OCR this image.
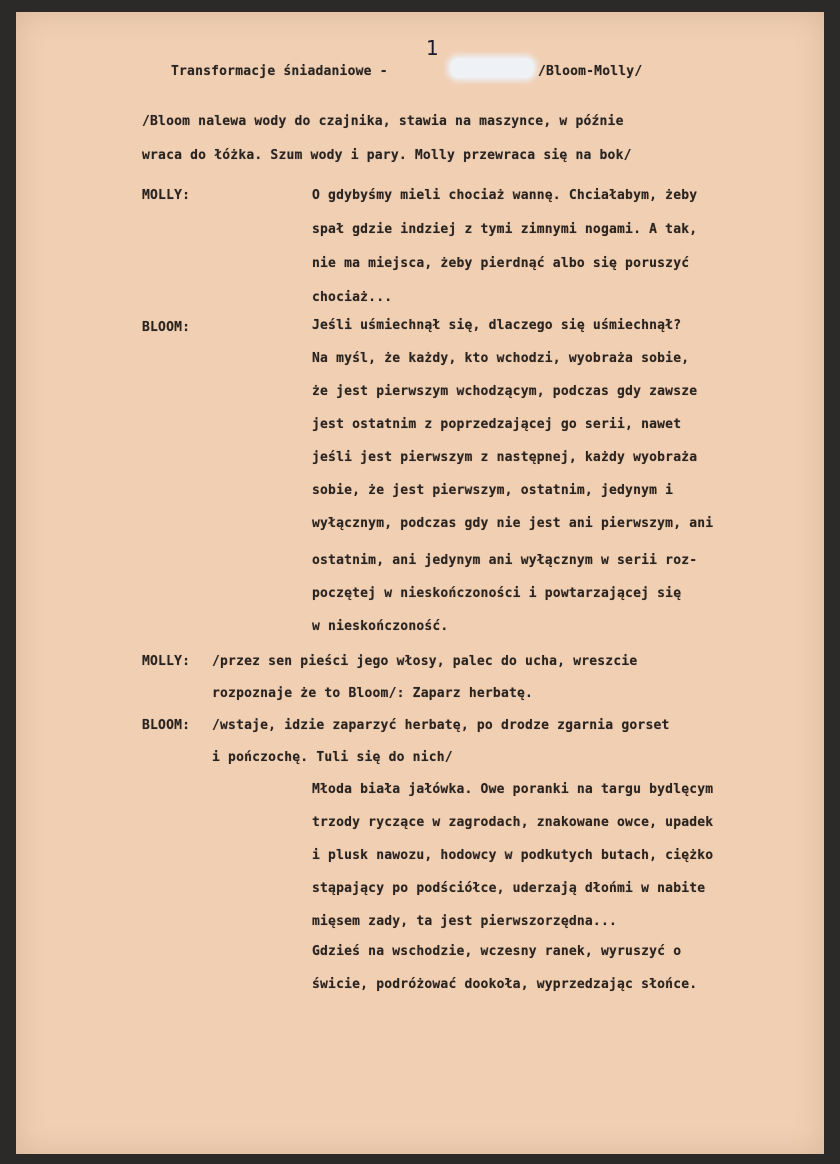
1
Transformacje śniadaniowe -	/Bloom-Molly/
/Bloom nalewa wody do czajnika, stawia na maszynce, w późnie
wraca do łóżka. Szum wody i pary. Molly przewraca się na bok/
MOLLY:	O gdybyśmy mieli chociaż wannę. Chciałabym, żeby
spał gdzie indziej z tymi zimnymi nogami. A tak,
nie ma miejsca, żeby pierdnąć albo się poruszyć
chociaż...
BLOOM:	Jeśli uśmiechnął się, dlaczego się uśmiechnął?
Na myśl, że każdy, kto wchodzi, wyobraża sobie,
że jest pierwszym wchodzącym, podczas gdy zawsze
jest ostatnim z poprzedzającej go serii, nawet
jeśli jest pierwszym z następnej, każdy wyobraża
sobie, że jest pierwszym, ostatnim, jedynym i
wyłącznym, podczas gdy nie jest ani pierwszym, ani
ostatnim, ani jedynym ani wyłącznym w serii roz-
poczętej w nieskończoności i powtarzającej się
w nieskończoność.
MOLLY: /przez sen pieści jego włosy, palec do ucha, wreszcie
rozpoznaje że to Bloom/: Zaparz herbatę.
BLOOM: /wstaje, idzie zaparzyć herbatę, po drodze zgarnia gorset
i pończochę. Tuli się do nich/
Młoda biała jałówka. Owe poranki na targu bydlęcym
trzody ryczące w zagrodach, znakowane owce, upadek
i plusk nawozu, hodowcy w podkutych butach, ciężko
stąpający po podściółce, uderzają dłońmi w nabite
mięsem zady, ta jest pierwszorzędna...
Gdzieś na wschodzie, wczesny ranek, wyruszyć o
świcie, podróżować dookoła, wyprzedzając słońce.
